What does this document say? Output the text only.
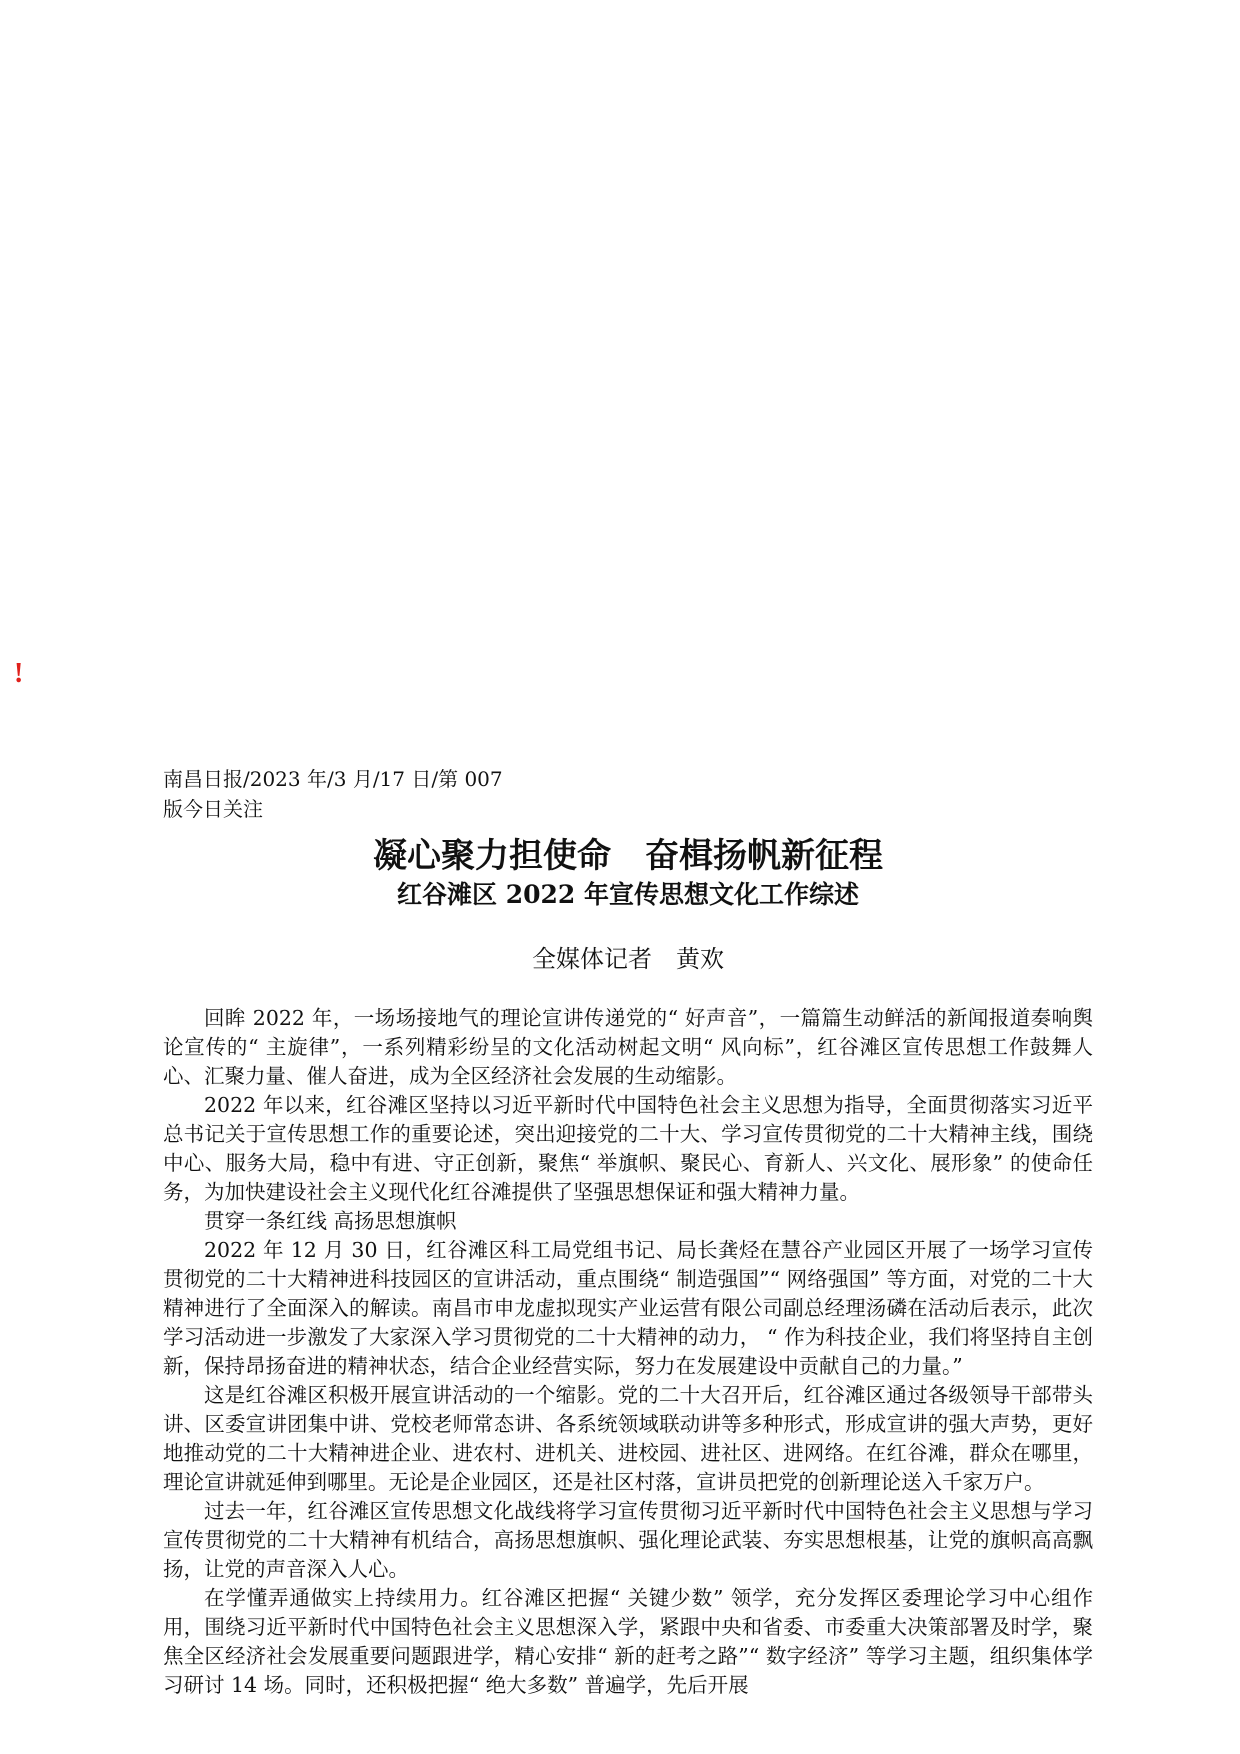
!

南昌日报/2023 年/3 月/17 日/第 007

版今日关注

凝心聚力担使命　奋楫扬帆新征程
红谷滩区 2022 年宣传思想文化工作综述

全媒体记者　黄欢

回眸 2022 年，一场场接地气的理论宣讲传递党的“ 好声音”，一篇篇生动鲜活的新闻报道奏响舆论宣传的“ 主旋律”，一系列精彩纷呈的文化活动树起文明“ 风向标”，红谷滩区宣传思想工作鼓舞人心、汇聚力量、催人奋进，成为全区经济社会发展的生动缩影。

2022 年以来，红谷滩区坚持以习近平新时代中国特色社会主义思想为指导，全面贯彻落实习近平总书记关于宣传思想工作的重要论述，突出迎接党的二十大、学习宣传贯彻党的二十大精神主线，围绕中心、服务大局，稳中有进、守正创新，聚焦“ 举旗帜、聚民心、育新人、兴文化、展形象” 的使命任务，为加快建设社会主义现代化红谷滩提供了坚强思想保证和强大精神力量。

贯穿一条红线 高扬思想旗帜

2022 年 12 月 30 日，红谷滩区科工局党组书记、局长龚烃在慧谷产业园区开展了一场学习宣传贯彻党的二十大精神进科技园区的宣讲活动，重点围绕“ 制造强国”“ 网络强国” 等方面，对党的二十大精神进行了全面深入的解读。南昌市申龙虚拟现实产业运营有限公司副总经理汤磷在活动后表示，此次学习活动进一步激发了大家深入学习贯彻党的二十大精神的动力， “ 作为科技企业，我们将坚持自主创新，保持昂扬奋进的精神状态，结合企业经营实际，努力在发展建设中贡献自己的力量。”

这是红谷滩区积极开展宣讲活动的一个缩影。党的二十大召开后，红谷滩区通过各级领导干部带头讲、区委宣讲团集中讲、党校老师常态讲、各系统领域联动讲等多种形式，形成宣讲的强大声势，更好地推动党的二十大精神进企业、进农村、进机关、进校园、进社区、进网络。在红谷滩，群众在哪里，理论宣讲就延伸到哪里。无论是企业园区，还是社区村落，宣讲员把党的创新理论送入千家万户。

过去一年，红谷滩区宣传思想文化战线将学习宣传贯彻习近平新时代中国特色社会主义思想与学习宣传贯彻党的二十大精神有机结合，高扬思想旗帜、强化理论武装、夯实思想根基，让党的旗帜高高飘扬，让党的声音深入人心。

在学懂弄通做实上持续用力。红谷滩区把握“ 关键少数” 领学，充分发挥区委理论学习中心组作用，围绕习近平新时代中国特色社会主义思想深入学，紧跟中央和省委、市委重大决策部署及时学，聚焦全区经济社会发展重要问题跟进学，精心安排“ 新的赶考之路”“ 数字经济” 等学习主题，组织集体学习研讨 14 场。同时，还积极把握“ 绝大多数” 普遍学，先后开展
